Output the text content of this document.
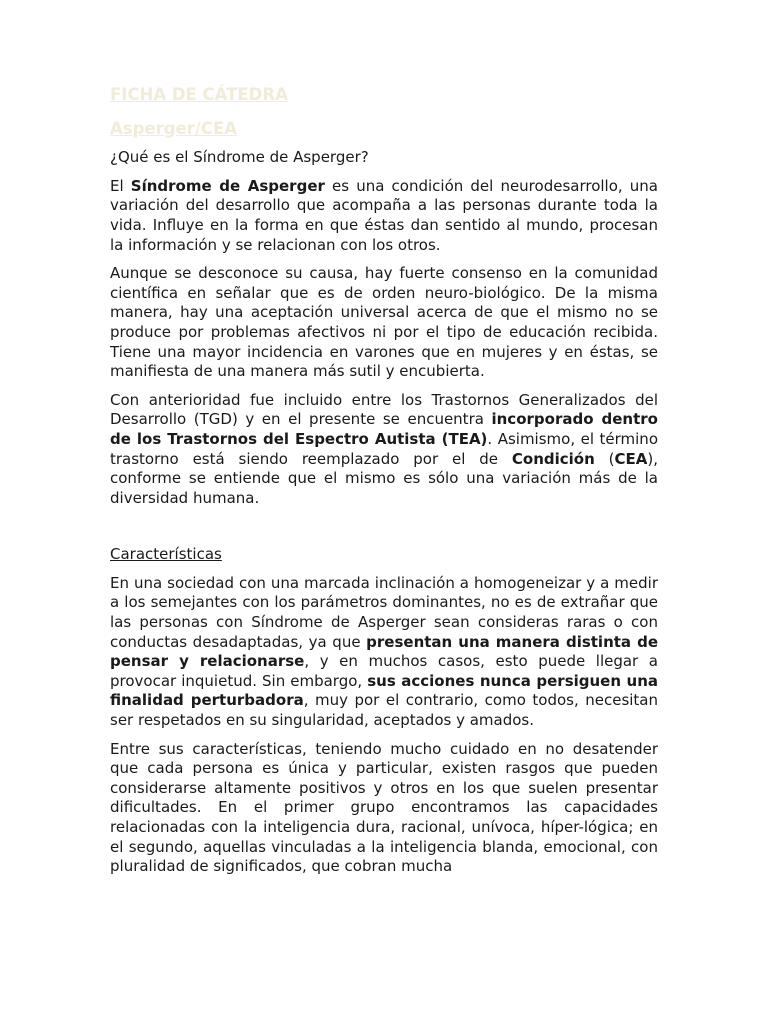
FICHA DE CÁTEDRA
Asperger/CEA

¿Qué es el Síndrome de Asperger?

El Síndrome de Asperger es una condición del neurodesarrollo, una variación del desarrollo que acompaña a las personas durante toda la vida. Influye en la forma en que éstas dan sentido al mundo, procesan la información y se relacionan con los otros.

Aunque se desconoce su causa, hay fuerte consenso en la comunidad científica en señalar que es de orden neuro-biológico. De la misma manera, hay una aceptación universal acerca de que el mismo no se produce por problemas afectivos ni por el tipo de educación recibida. Tiene una mayor incidencia en varones que en mujeres y en éstas, se manifiesta de una manera más sutil y encubierta.

Con anterioridad fue incluido entre los Trastornos Generalizados del Desarrollo (TGD) y en el presente se encuentra incorporado dentro de los Trastornos del Espectro Autista (TEA). Asimismo, el término trastorno está siendo reemplazado por el de Condición (CEA), conforme se entiende que el mismo es sólo una variación más de la diversidad humana.

Características

En una sociedad con una marcada inclinación a homogeneizar y a medir a los semejantes con los parámetros dominantes, no es de extrañar que las personas con Síndrome de Asperger sean consideras raras o con conductas desadaptadas, ya que presentan una manera distinta de pensar y relacionarse, y en muchos casos, esto puede llegar a provocar inquietud. Sin embargo, sus acciones nunca persiguen una finalidad perturbadora, muy por el contrario, como todos, necesitan ser respetados en su singularidad, aceptados y amados.

Entre sus características, teniendo mucho cuidado en no desatender que cada persona es única y particular, existen rasgos que pueden considerarse altamente positivos y otros en los que suelen presentar dificultades. En el primer grupo encontramos las capacidades relacionadas con la inteligencia dura, racional, unívoca, híper-lógica; en el segundo, aquellas vinculadas a la inteligencia blanda, emocional, con pluralidad de significados, que cobran mucha
